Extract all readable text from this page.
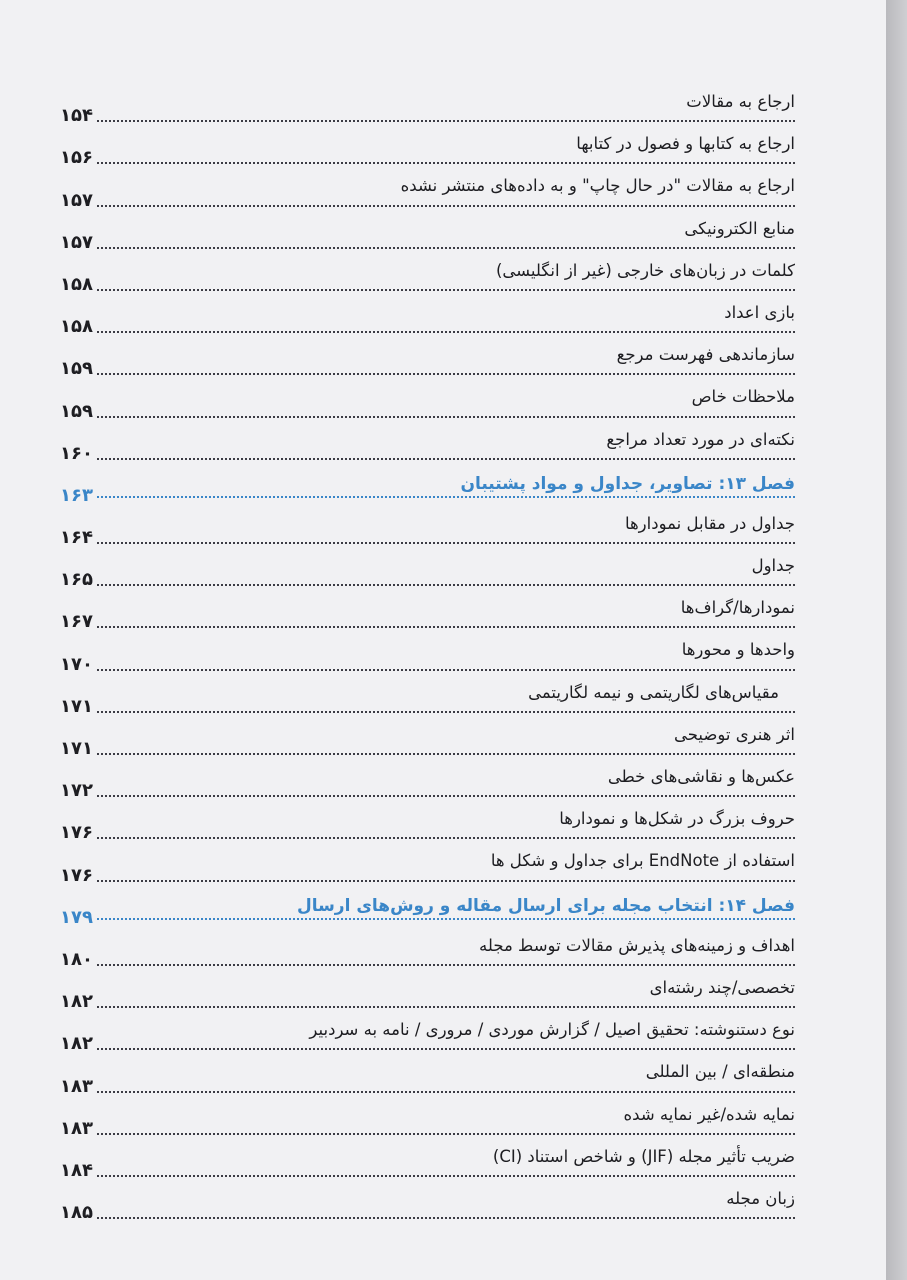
ارجاع به مقالات
۱۵۴
ارجاع به کتابها و فصول در کتابها
۱۵۶
ارجاع به مقالات "در حال چاپ" و به داده‌های منتشر نشده
۱۵۷
منابع الکترونیکی
۱۵۷
کلمات در زبان‌های خارجی (غیر از انگلیسی)
۱۵۸
بازی اعداد
۱۵۸
سازماندهی فهرست مرجع
۱۵۹
ملاحظات خاص
۱۵۹
نکته‌ای در مورد تعداد مراجع
۱۶۰
فصل ۱۳: تصاویر، جداول و مواد پشتیبان
۱۶۳
جداول در مقابل نمودارها
۱۶۴
جداول
۱۶۵
نمودارها/گراف‌ها
۱۶۷
واحدها و محورها
۱۷۰
مقیاس‌های لگاریتمی و نیمه لگاریتمی
۱۷۱
اثر هنری توضیحی
۱۷۱
عکس‌ها و نقاشی‌های خطی
۱۷۲
حروف بزرگ در شکل‌ها و نمودارها
۱۷۶
استفاده از EndNote برای جداول و شکل ها
۱۷۶
فصل ۱۴: انتخاب مجله برای ارسال مقاله و روش‌های ارسال
۱۷۹
اهداف و زمینه‌های پذیرش مقالات توسط مجله
۱۸۰
تخصصی/چند رشته‌ای
۱۸۲
نوع دستنوشته: تحقیق اصیل / گزارش موردی / مروری / نامه به سردبیر
۱۸۲
منطقه‌ای / بین المللی
۱۸۳
نمایه شده/غیر نمایه شده
۱۸۳
ضریب تأثیر مجله (JIF) و شاخص استناد (CI)
۱۸۴
زبان مجله
۱۸۵
